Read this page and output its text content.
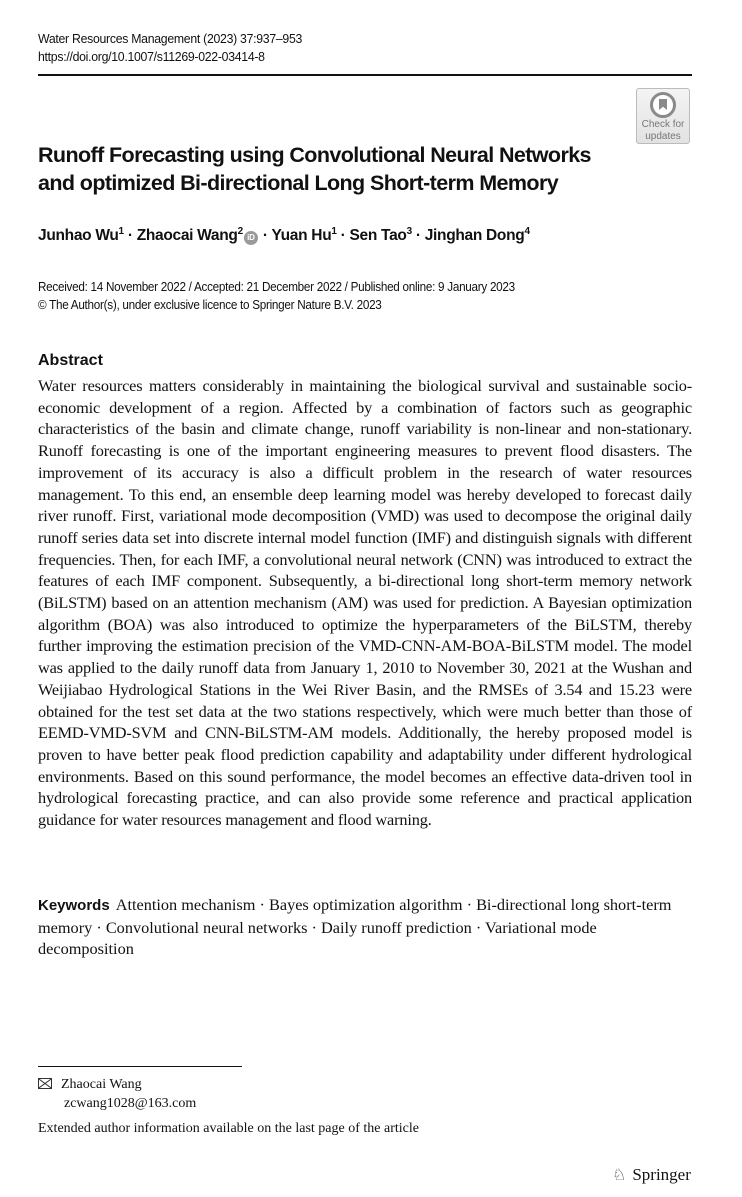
Water Resources Management (2023) 37:937–953
https://doi.org/10.1007/s11269-022-03414-8
Check for
updates
Runoff Forecasting using Convolutional Neural Networks
and optimized Bi-directional Long Short-term Memory
Junhao $Wu^1$ · Zhaocai Wang$^2$iD · Yuan $Hu^1$ · Sen Tao$^3$ · Jinghan Dong$^4$
Received: 14 November 2022 / Accepted: 21 December 2022 / Published online: 9 January 2023
© The Author(s), under exclusive licence to Springer Nature B.V. 2023
Abstract
Water resources matters considerably in maintaining the biological survival and sustainable socio-economic development of a region. Affected by a combination of factors such as geographic characteristics of the basin and climate change, runoff variability is non-linear and non-stationary. Runoff forecasting is one of the important engineering measures to prevent flood disasters. The improvement of its accuracy is also a difficult problem in the research of water resources management. To this end, an ensemble deep learning model was hereby developed to forecast daily river runoff. First, variational mode decomposition (VMD) was used to decompose the original daily runoff series data set into discrete internal model function (IMF) and distinguish signals with different frequencies. Then, for each IMF, a convolutional neural network (CNN) was introduced to extract the features of each IMF component. Subsequently, a bi-directional long short-term memory network (BiLSTM) based on an attention mechanism (AM) was used for prediction. A Bayesian optimization algorithm (BOA) was also introduced to optimize the hyperparameters of the BiLSTM, thereby further improving the estimation precision of the VMD-CNN-AM-BOA-BiLSTM model. The model was applied to the daily runoff data from January 1, 2010 to November 30, 2021 at the Wushan and Weijiabao Hydrological Stations in the Wei River Basin, and the RMSEs of 3.54 and 15.23 were obtained for the test set data at the two stations respectively, which were much better than those of EEMD-VMD-SVM and CNN-BiLSTM-AM models. Additionally, the hereby proposed model is proven to have better peak flood prediction capability and adaptability under different hydrological environments. Based on this sound performance, the model becomes an effective data-driven tool in hydrological forecasting practice, and can also provide some reference and practical application guidance for water resources management and flood warning.
Keywords Attention mechanism · Bayes optimization algorithm · Bi-directional long short-term memory · Convolutional neural networks · Daily runoff prediction · Variational mode decomposition
Zhaocai Wang
zcwang1028@163.com
Extended author information available on the last page of the article
♘ Springer
